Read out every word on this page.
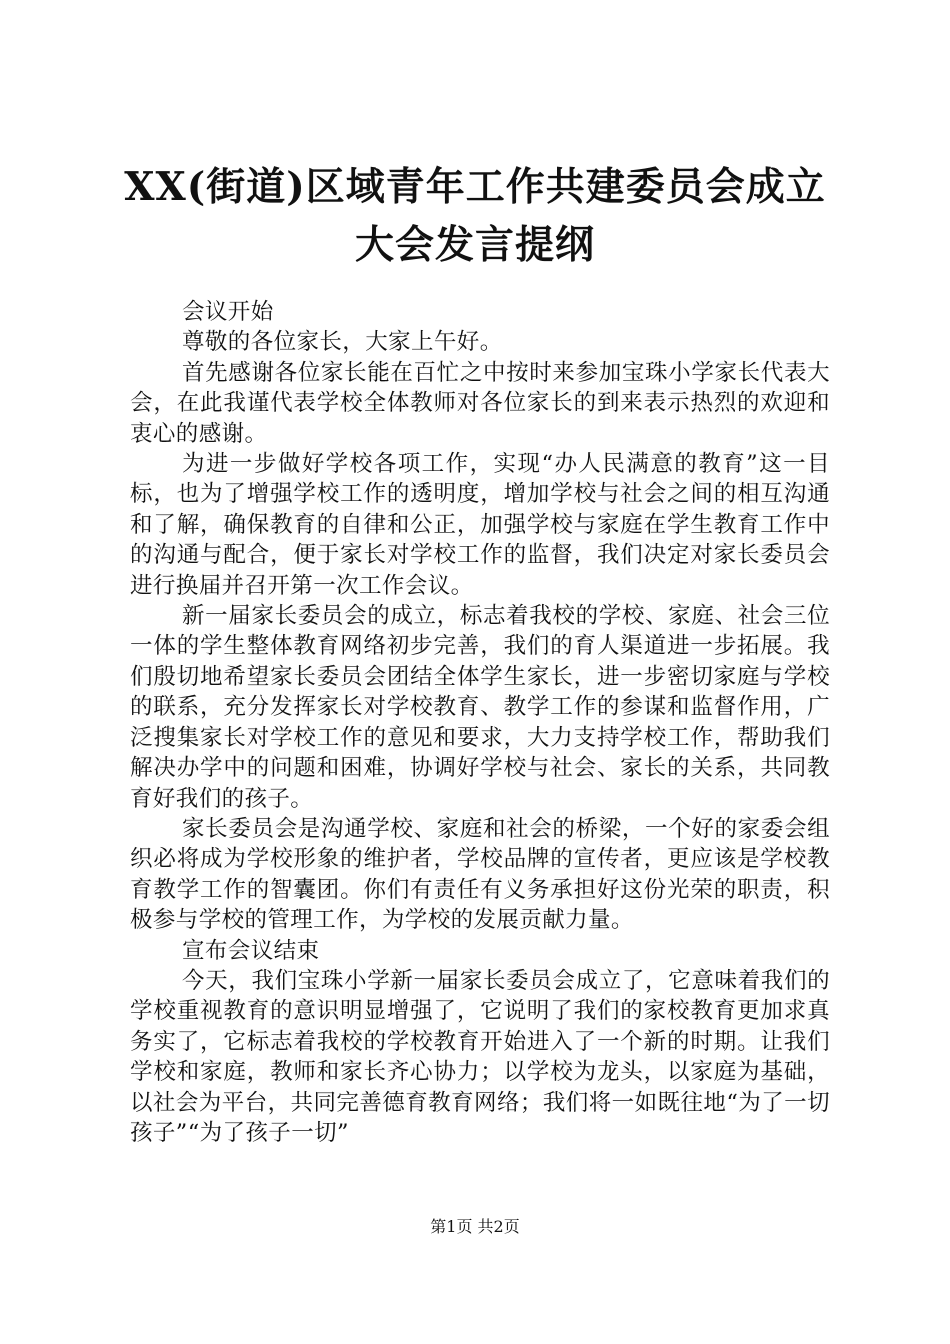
XX(街道)区域青年工作共建委员会成立大会发言提纲

会议开始

尊敬的各位家长，大家上午好。

首先感谢各位家长能在百忙之中按时来参加宝珠小学家长代表大会，在此我谨代表学校全体教师对各位家长的到来表示热烈的欢迎和衷心的感谢。

为进一步做好学校各项工作，实现“办人民满意的教育”这一目标，也为了增强学校工作的透明度，增加学校与社会之间的相互沟通和了解，确保教育的自律和公正，加强学校与家庭在学生教育工作中的沟通与配合，便于家长对学校工作的监督，我们决定对家长委员会进行换届并召开第一次工作会议。

新一届家长委员会的成立，标志着我校的学校、家庭、社会三位一体的学生整体教育网络初步完善，我们的育人渠道进一步拓展。我们殷切地希望家长委员会团结全体学生家长，进一步密切家庭与学校的联系，充分发挥家长对学校教育、教学工作的参谋和监督作用，广泛搜集家长对学校工作的意见和要求，大力支持学校工作，帮助我们解决办学中的问题和困难，协调好学校与社会、家长的关系，共同教育好我们的孩子。

家长委员会是沟通学校、家庭和社会的桥梁，一个好的家委会组织必将成为学校形象的维护者，学校品牌的宣传者，更应该是学校教育教学工作的智囊团。你们有责任有义务承担好这份光荣的职责，积极参与学校的管理工作，为学校的发展贡献力量。

宣布会议结束

今天，我们宝珠小学新一届家长委员会成立了，它意味着我们的学校重视教育的意识明显增强了，它说明了我们的家校教育更加求真务实了，它标志着我校的学校教育开始进入了一个新的时期。让我们学校和家庭，教师和家长齐心协力；以学校为龙头，以家庭为基础，以社会为平台，共同完善德育教育网络；我们将一如既往地“为了一切孩子”“为了孩子一切”

第1页 共2页
